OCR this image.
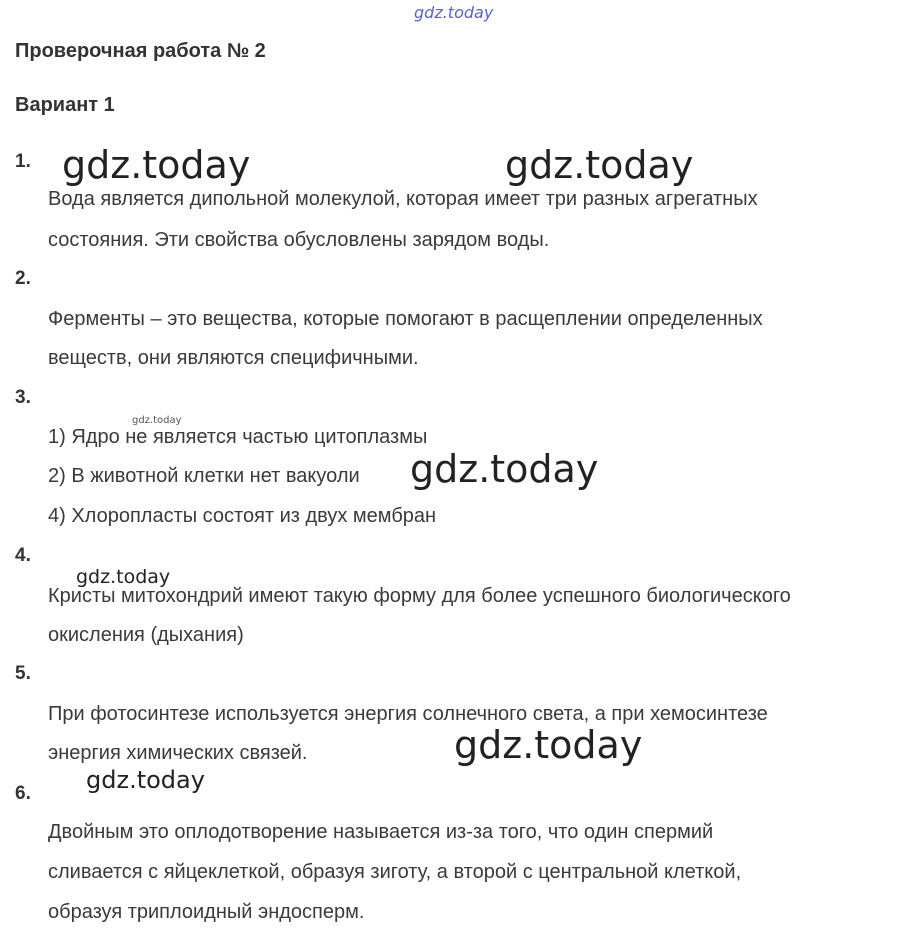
gdz.today
Проверочная работа № 2
Вариант 1
1.
Вода является дипольной молекулой, которая имеет три разных агрегатных
состояния. Эти свойства обусловлены зарядом воды.
2.
Ферменты – это вещества, которые помогают в расщеплении определенных
веществ, они являются специфичными.
3.
1) Ядро не является частью цитоплазмы
2) В животной клетки нет вакуоли
4) Хлоропласты состоят из двух мембран
4.
Кристы митохондрий имеют такую форму для более успешного биологического
окисления (дыхания)
5.
При фотосинтезе используется энергия солнечного света, а при хемосинтезе
энергия химических связей.
6.
Двойным это оплодотворение называется из-за того, что один спермий
сливается с яйцеклеткой, образуя зиготу, а второй с центральной клеткой,
образуя триплоидный эндосперм.
gdz.today	gdz.today
gdz.today
gdz.today
gdz.today
gdz.today
gdz.today
